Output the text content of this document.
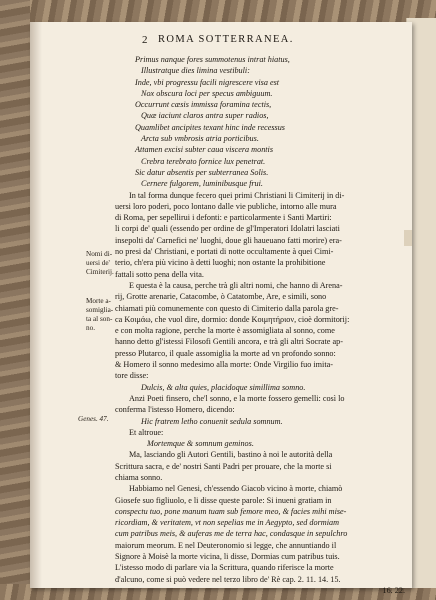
2 ROMA SOTTERRANEA.
Primus nanque fores summotenus intrat hiatus,
Illustratque dies limina vestibuli:
Inde, vbi progressu facili nigrescere visa est
Nox obscura loci per specus ambiguum.
Occurrunt cæsis immissa foramina tectis,
Quæ iaciunt claros antra super radios,
Quamlibet ancipites texant hinc inde recessus
Arcta sub vmbrosis atria porticibus.
Attamen excisi subter caua viscera montis
Crebra terebrato fornice lux penetrat.
Sic datur absentis per subterranea Solis.
Cernere fulgorem, luminibusque frui.
In tal forma dunque fecero quei primi Christiani li Cimiterij in di-
uersi loro poderi, poco lontano dalle vie publiche, intorno alle mura
di Roma, per sepellirui i defonti: e particolarmente i Santi Martiri:
li corpi de' quali (essendo per ordine de gl'Imperatori Idolatri lasciati
insepolti da' Carnefici ne' luoghi, doue gli haueuano fatti morire) era-
no presi da' Christiani, e portati di notte occultamente à quei Cimi-
terio, ch'era più vicino à detti luoghi; non ostante la prohibitione
fattali sotto pena della vita.
E questa è la causa, perche trà gli altri nomi, che hanno di Arena-
rij, Grotte arenarie, Catacombe, ò Catatombe, Are, e simili, sono
chiamati più comunemente con questo di Cimiterio dalla parola gre-
ca Κοιμάω, che vuol dire, dormio: donde Κοιμητήριον, cioè dormitorij:
e con molta ragione, perche la morte è assomigliata al sonno, come
hanno detto gl'istessi Filosofi Gentili ancora, e trà gli altri Socrate ap-
presso Plutarco, il quale assomiglia la morte ad vn profondo sonno:
& Homero il sonno medesimo alla morte: Onde Virgilio fuo imita-
tore disse:
Dulcis, & alta quies, placidoque simillima somno.
Anzi Poeti finsero, che'l sonno, e la morte fossero gemelli: così lo
conferma l'istesso Homero, dicendo:
Hic fratrem letho conuenit sedula somnum.
Et altroue:
Mortemque & somnum geminos.
Ma, lasciando gli Autori Gentili, bastino à noi le autorità della
Scrittura sacra, e de' nostri Santi Padri per prouare, che la morte si
chiama sonno.
Habbiamo nel Genesi, ch'essendo Giacob vicino à morte, chiamò
Giosefe suo figliuolo, e li disse queste parole: Si inueni gratiam in
conspectu tuo, pone manum tuam sub femore meo, & facies mihi mise-
ricordiam, & veritatem, vt non sepelias me in Aegypto, sed dormiam
cum patribus meis, & auferas me de terra hac, condasque in sepulchro
maiorum meorum. E nel Deuteronomio si legge, che annuntiando il
Signore à Moisè la morte vicina, li disse, Dormias cum patribus tuis.
L'istesso modo di parlare via la Scrittura, quando riferisce la morte
d'alcuno, come si può vedere nel terzo libro de' Rè cap. 2. 11. 14. 15.
16. 22.
Nomi di-uersi de' Cimiterij.
Morte a-somiglia-ta al son-no.
Genes. 47.
